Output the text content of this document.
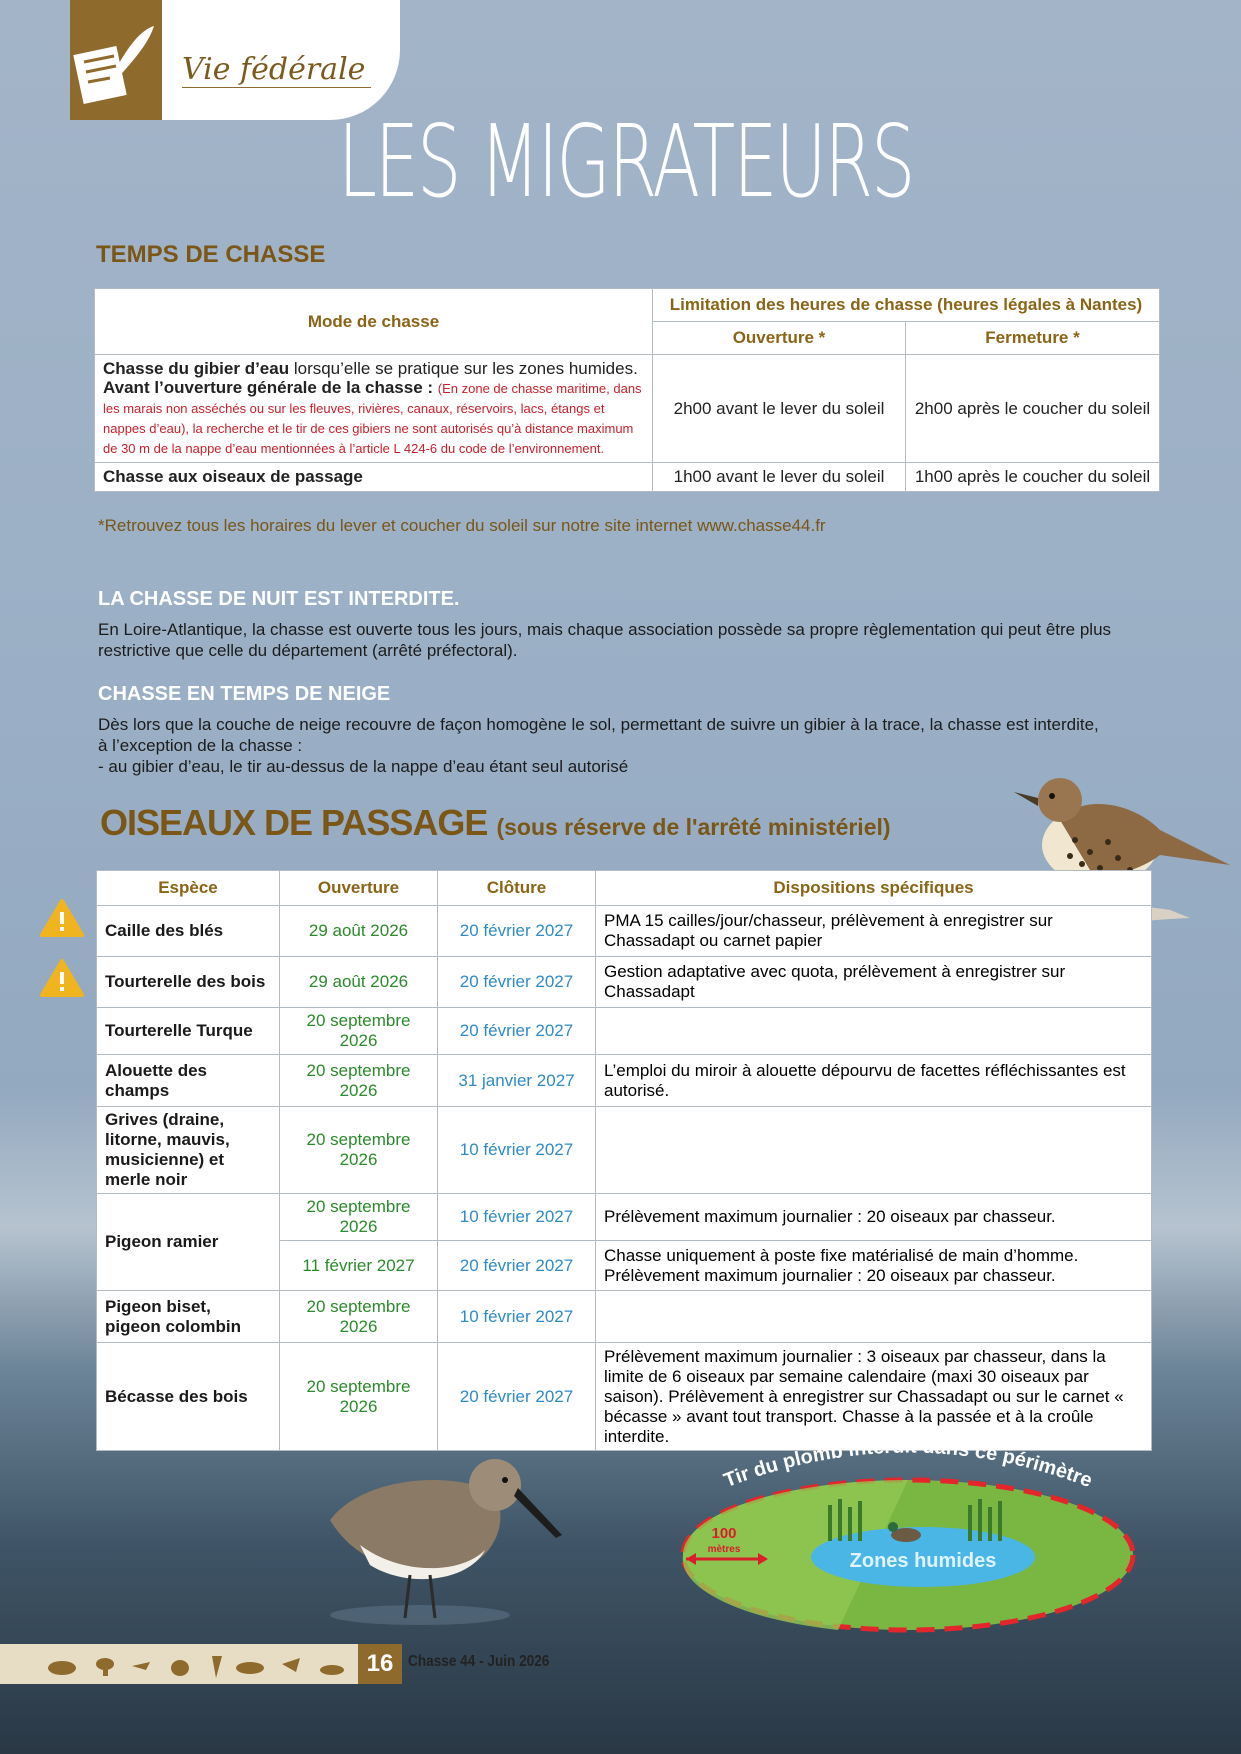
Vie fédérale
LES MIGRATEURS
TEMPS DE CHASSE
Mode de chasse	Limitation des heures de chasse (heures légales à Nantes)	
	Ouverture *	Fermeture *
Chasse du gibier d’eau lorsqu’elle se pratique sur les zones humides.
Avant l’ouverture générale de la chasse : (En zone de chasse maritime, dans les marais non asséchés ou sur les fleuves, rivières, canaux, réservoirs, lacs, étangs et nappes d’eau), la recherche et le tir de ces gibiers ne sont autorisés qu’à distance maximum de 30 m de la nappe d’eau mentionnées à l’article L 424-6 du code de l’environnement.	2h00 avant le lever du soleil	2h00 après le coucher du soleil
Chasse aux oiseaux de passage	1h00 avant le lever du soleil	1h00 après le coucher du soleil
*Retrouvez tous les horaires du lever et coucher du soleil sur notre site internet www.chasse44.fr
LA CHASSE DE NUIT EST INTERDITE.
En Loire-Atlantique, la chasse est ouverte tous les jours, mais chaque association possède sa propre règlementation qui peut être plus restrictive que celle du département (arrêté préfectoral).
CHASSE EN TEMPS DE NEIGE
Dès lors que la couche de neige recouvre de façon homogène le sol, permettant de suivre un gibier à la trace, la chasse est interdite,
à l’exception de la chasse :
- au gibier d’eau, le tir au-dessus de la nappe d’eau étant seul autorisé
OISEAUX DE PASSAGE (sous réserve de l'arrêté ministériel)
Espèce	Ouverture	Clôture	Dispositions spécifiques
Caille des blés	29 août 2026	20 février 2027	PMA 15 cailles/jour/chasseur, prélèvement à enregistrer sur Chassadapt ou carnet papier
Tourterelle des bois	29 août 2026	20 février 2027	Gestion adaptative avec quota, prélèvement à enregistrer sur Chassadapt
Tourterelle Turque	20 septembre 2026	20 février 2027	
Alouette des champs	20 septembre 2026	31 janvier 2027	L’emploi du miroir à alouette dépourvu de facettes réfléchissantes est autorisé.
Grives (draine, litorne, mauvis, musicienne) et merle noir	20 septembre 2026	10 février 2027	
Pigeon ramier	20 septembre 2026	10 février 2027	Prélèvement maximum journalier : 20 oiseaux par chasseur.
	11 février 2027	20 février 2027	Chasse uniquement à poste fixe matérialisé de main d’homme. Prélèvement maximum journalier : 20 oiseaux par chasseur.
Pigeon biset, pigeon colombin	20 septembre 2026	10 février 2027	
Bécasse des bois	20 septembre 2026	20 février 2027	Prélèvement maximum journalier : 3 oiseaux par chasseur, dans la limite de 6 oiseaux par semaine calendaire (maxi 30 oiseaux par saison). Prélèvement à enregistrer sur Chassadapt ou sur le carnet « bécasse » avant tout transport. Chasse à la passée et à la croûle interdite.
Tir du plomb interdit dans ce périmètre
100
mètres
Zones humides
16 Chasse 44 - Juin 2026
